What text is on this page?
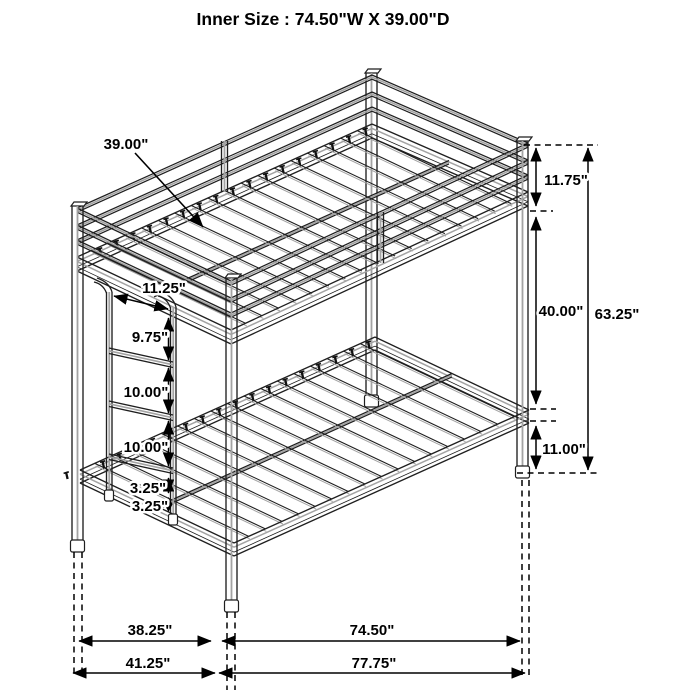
Inner Size : 74.50"W X 39.00"D
39.00"
11.25"
9.75"
10.00"
10.00"
3.25"
3.25"
11.75"
40.00" 63.25"
11.00"
38.25"	74.50"
41.25"	77.75"
